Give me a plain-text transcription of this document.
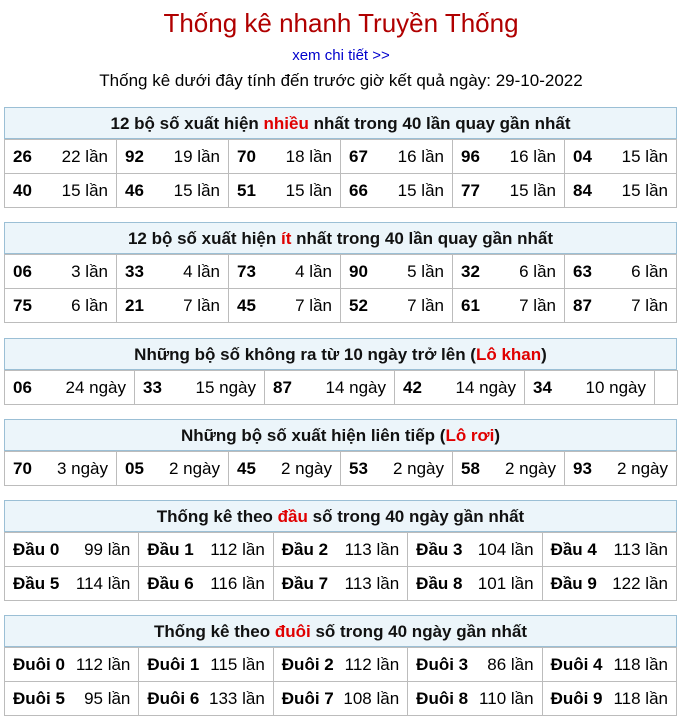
Thống kê nhanh Truyền Thống
xem chi tiết >>
Thống kê dưới đây tính đến trước giờ kết quả ngày: 29-10-2022
12 bộ số xuất hiện nhiều nhất trong 40 lần quay gần nhất
26 22 lần	92 19 lần	70 18 lần	67 16 lần	96 16 lần	04 15 lần

40 15 lần	46 15 lần	51 15 lần	66 15 lần	77 15 lần	84 15 lần
12 bộ số xuất hiện ít nhất trong 40 lần quay gần nhất
06 3 lần	33 4 lần	73 4 lần	90 5 lần	32 6 lần	63 6 lần

75 6 lần	21 7 lần	45 7 lần	52 7 lần	61 7 lần	87 7 lần
Những bộ số không ra từ 10 ngày trở lên (Lô khan)
06 24 ngày	33 15 ngày	87 14 ngày	42 14 ngày	34 10 ngày

Những bộ số xuất hiện liên tiếp (Lô rơi)
70 3 ngày	05 2 ngày	45 2 ngày	53 2 ngày	58 2 ngày	93 2 ngày
Thống kê theo đầu số trong 40 ngày gần nhất
Đầu 0 99 lần	Đầu 1 112 lần	Đầu 2 113 lần	Đầu 3 104 lần	Đầu 4 113 lần

Đầu 5 114 lần	Đầu 6 116 lần	Đầu 7 113 lần	Đầu 8 101 lần	Đầu 9 122 lần
Thống kê theo đuôi số trong 40 ngày gần nhất
Đuôi 0 112 lần	Đuôi 1 115 lần	Đuôi 2 112 lần	Đuôi 3 86 lần	Đuôi 4 118 lần

Đuôi 5 95 lần	Đuôi 6 133 lần	Đuôi 7 108 lần	Đuôi 8 110 lần	Đuôi 9 118 lần
